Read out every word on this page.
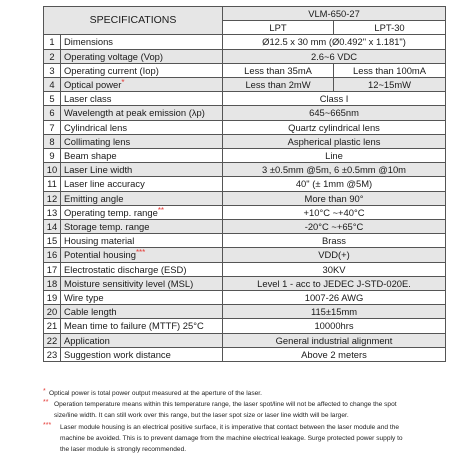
SPECIFICATIONS		VLM-650-27	
		LPT	LPT-30
1	Dimensions	Ø12.5 x 30 mm (Ø0.492" x 1.181")	
2	Operating voltage (Vop)	2.6~6 VDC	
3	Operating current (Iop)	Less than 35mA	Less than 100mA
4	Optical power*	Less than 2mW	12~15mW
5	Laser class	Class I	
6	Wavelength at peak emission (λp)	645~665nm	
7	Cylindrical lens	Quartz cylindrical lens	
8	Collimating lens	Aspherical plastic lens	
9	Beam shape	Line	
10	Laser Line width	3 ±0.5mm @5m, 6 ±0.5mm @10m	
11	Laser line accuracy	40" (± 1mm @5M)	
12	Emitting angle	More than 90°	
13	Operating temp. range**	+10°C ~+40°C	
14	Storage temp. range	-20°C ~+65°C	
15	Housing material	Brass	
16	Potential housing***	VDD(+)	
17	Electrostatic discharge (ESD)	30KV	
18	Moisture sensitivity level (MSL)	Level 1 - acc to JEDEC J-STD-020E.	
19	Wire type	1007-26 AWG	
20	Cable length	115±15mm	
21	Mean time to failure (MTTF) 25°C	10000hrs	
22	Application	General industrial alignment	
23	Suggestion work distance	Above 2 meters	
* Optical power is total power output measured at the aperture of the laser.

** Operation temperature means within this temperature range, the laser spot/line will not be affected to change the spot

size/line width. It can still work over this range, but the laser spot size or laser line width will be larger.

***	Laser module housing is an electrical positive surface, it is imperative that contact between the laser module and the

machine be avoided. This is to prevent damage from the machine electrical leakage. Surge protected power supply to

the laser module is strongly recommended.
